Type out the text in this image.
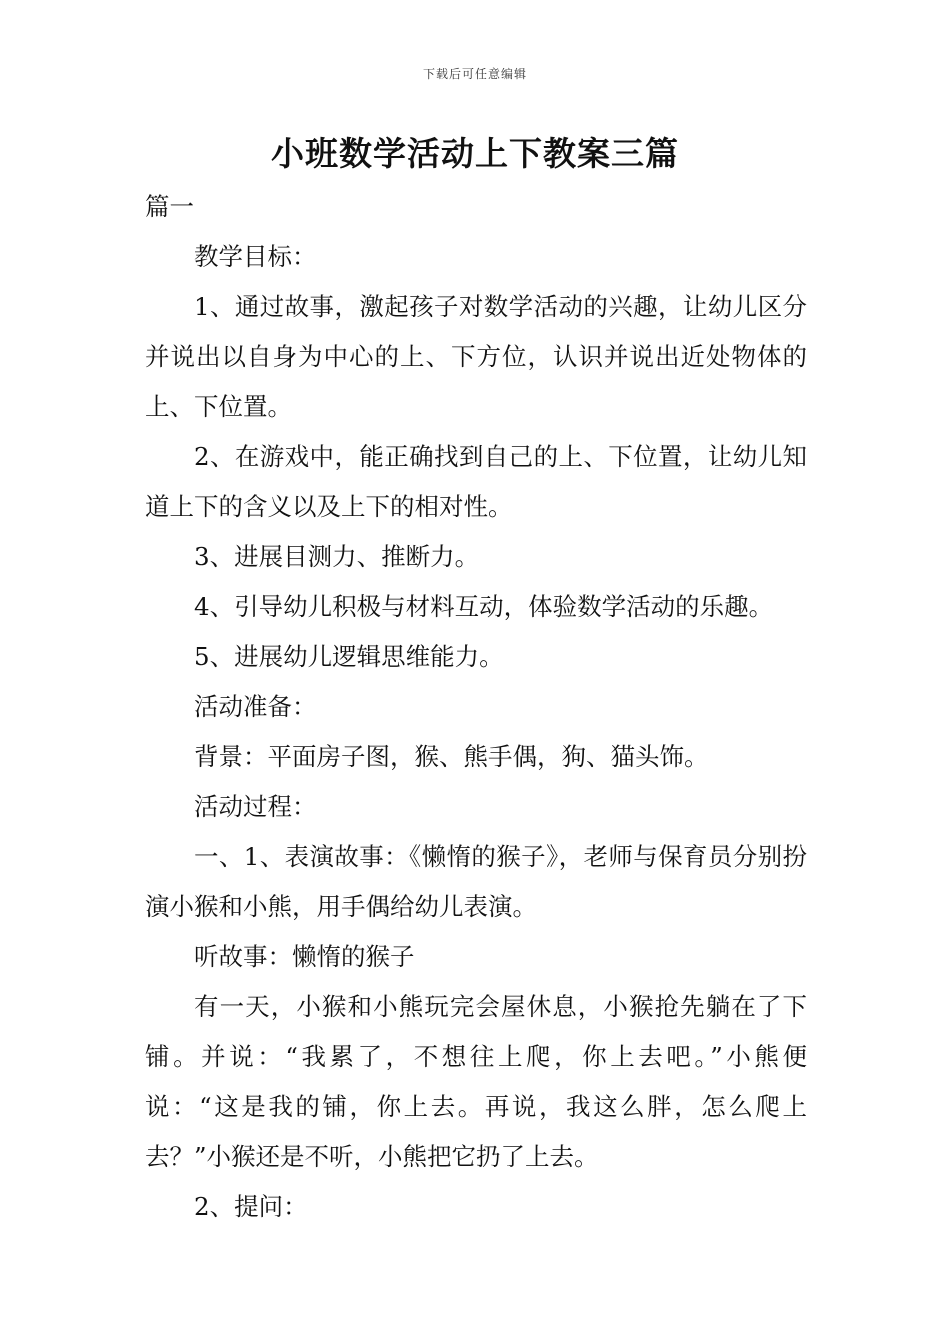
下载后可任意编辑
小班数学活动上下教案三篇

篇一

教学目标：

1、通过故事，激起孩子对数学活动的兴趣，让幼儿区分并说出以自身为中心的上、下方位，认识并说出近处物体的上、下位置。

2、在游戏中，能正确找到自己的上、下位置，让幼儿知道上下的含义以及上下的相对性。

3、进展目测力、推断力。

4、引导幼儿积极与材料互动，体验数学活动的乐趣。

5、进展幼儿逻辑思维能力。

活动准备：

背景：平面房子图，猴、熊手偶，狗、猫头饰。

活动过程：

一、1、表演故事：《懒惰的猴子》，老师与保育员分别扮演小猴和小熊，用手偶给幼儿表演。

听故事：懒惰的猴子

有一天，小猴和小熊玩完会屋休息，小猴抢先躺在了下铺。并说：“我累了，不想往上爬，你上去吧。”小熊便说：“这是我的铺，你上去。再说，我这么胖，怎么爬上去？”小猴还是不听，小熊把它扔了上去。

2、提问：
